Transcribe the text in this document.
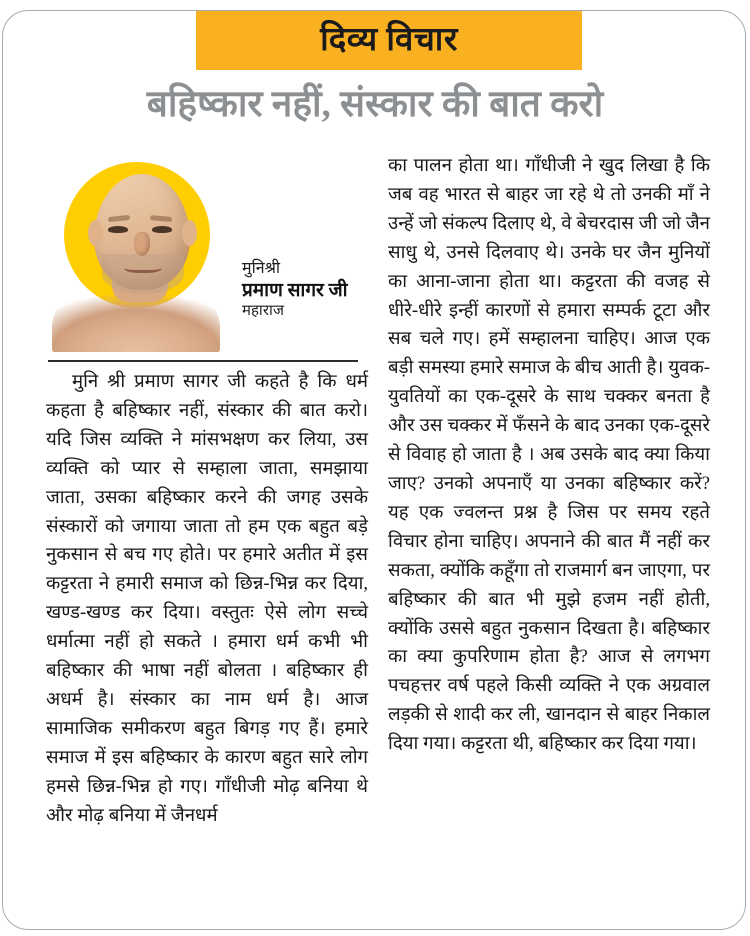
दिव्य विचार
बहिष्कार नहीं, संस्कार की बात करो
मुनिश्री
प्रमाण सागर जी
महाराज

मुनि श्री प्रमाण सागर जी कहते है कि धर्म कहता है बहिष्कार नहीं, संस्कार की बात करो। यदि जिस व्यक्ति ने मांसभक्षण कर लिया, उस व्यक्ति को प्यार से सम्हाला जाता, समझाया जाता, उसका बहिष्कार करने की जगह उसके संस्कारों को जगाया जाता तो हम एक बहुत बड़े नुकसान से बच गए होते। पर हमारे अतीत में इस कट्टरता ने हमारी समाज को छिन्न-भिन्न कर दिया, खण्ड-खण्ड कर दिया। वस्तुतः ऐसे लोग सच्चे धर्मात्मा नहीं हो सकते । हमारा धर्म कभी भी बहिष्कार की भाषा नहीं बोलता । बहिष्कार ही अधर्म है। संस्कार का नाम धर्म है। आज सामाजिक समीकरण बहुत बिगड़ गए हैं। हमारे समाज में इस बहिष्कार के कारण बहुत सारे लोग हमसे छिन्न-भिन्न हो गए। गाँधीजी मोढ़ बनिया थे और मोढ़ बनिया में जैनधर्म

का पालन होता था। गाँधीजी ने खुद लिखा है कि जब वह भारत से बाहर जा रहे थे तो उनकी माँ ने उन्हें जो संकल्प दिलाए थे, वे बेचरदास जी जो जैन साधु थे, उनसे दिलवाए थे। उनके घर जैन मुनियों का आना-जाना होता था। कट्टरता की वजह से धीरे-धीरे इन्हीं कारणों से हमारा सम्पर्क टूटा और सब चले गए। हमें सम्हालना चाहिए। आज एक बड़ी समस्या हमारे समाज के बीच आती है। युवक-युवतियों का एक-दूसरे के साथ चक्कर बनता है और उस चक्कर में फँसने के बाद उनका एक-दूसरे से विवाह हो जाता है । अब उसके बाद क्या किया जाए? उनको अपनाएँ या उनका बहिष्कार करें? यह एक ज्वलन्त प्रश्न है जिस पर समय रहते विचार होना चाहिए। अपनाने की बात मैं नहीं कर सकता, क्योंकि कहूँगा तो राजमार्ग बन जाएगा, पर बहिष्कार की बात भी मुझे हजम नहीं होती, क्योंकि उससे बहुत नुकसान दिखता है। बहिष्कार का क्या कुपरिणाम होता है? आज से लगभग पचहत्तर वर्ष पहले किसी व्यक्ति ने एक अग्रवाल लड़की से शादी कर ली, खानदान से बाहर निकाल दिया गया। कट्टरता थी, बहिष्कार कर दिया गया।
